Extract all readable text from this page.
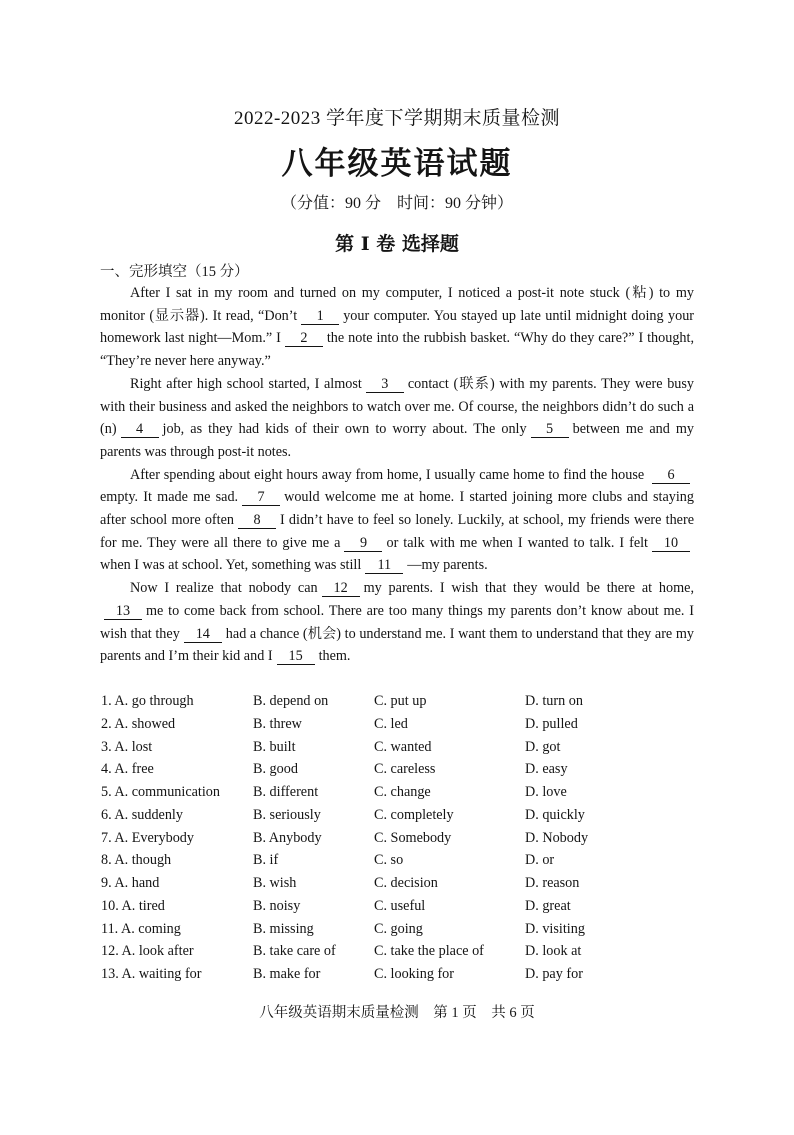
2022-2023 学年度下学期期末质量检测
八年级英语试题
（分值：90 分　时间：90 分钟）
第 I 卷 选择题
一、完形填空（15 分）

After I sat in my room and turned on my computer, I noticed a post-it note stuck (粘) to my monitor (显示器). It read, “Don’t 1 your computer. You stayed up late until midnight doing your homework last night—Mom.” I 2 the note into the rubbish basket. “Why do they care?” I thought, “They’re never here anyway.”

Right after high school started, I almost 3 contact (联系) with my parents. They were busy with their business and asked the neighbors to watch over me. Of course, the neighbors didn’t do such a (n) 4 job, as they had kids of their own to worry about. The only 5 between me and my parents was through post-it notes.

After spending about eight hours away from home, I usually came home to find the house 6empty. It made me sad. 7 would welcome me at home. I started joining more clubs and staying after school more often 8 I didn’t have to feel so lonely. Luckily, at school, my friends were there for me. They were all there to give me a 9 or talk with me when I wanted to talk. I felt 10when I was at school. Yet, something was still 11 —my parents.

Now I realize that nobody can 12 my parents. I wish that they would be there at home, 13 me to come back from school. There are too many things my parents don’t know about me. I wish that they 14 had a chance (机会) to understand me. I want them to understand that they are my parents and I’m their kid and I 15 them.

1. A. go through	B. depend on	C. put up	D. turn on
2. A. showed	B. threw	C. led	D. pulled
3. A. lost	B. built	C. wanted	D. got
4. A. free	B. good	C. careless	D. easy
5. A. communication B. different	C. change	D. love
6. A. suddenly	B. seriously	C. completely	D. quickly
7. A. Everybody	B. Anybody	C. Somebody	D. Nobody
8. A. though	B. if	C. so	D. or
9. A. hand	B. wish	C. decision	D. reason
10. A. tired	B. noisy	C. useful	D. great
11. A. coming	B. missing	C. going	D. visiting
12. A. look after	B. take care of	C. take the place of	D. look at
13. A. waiting for	B. make for	C. looking for	D. pay for
八年级英语期末质量检测　第 1 页　共 6 页
